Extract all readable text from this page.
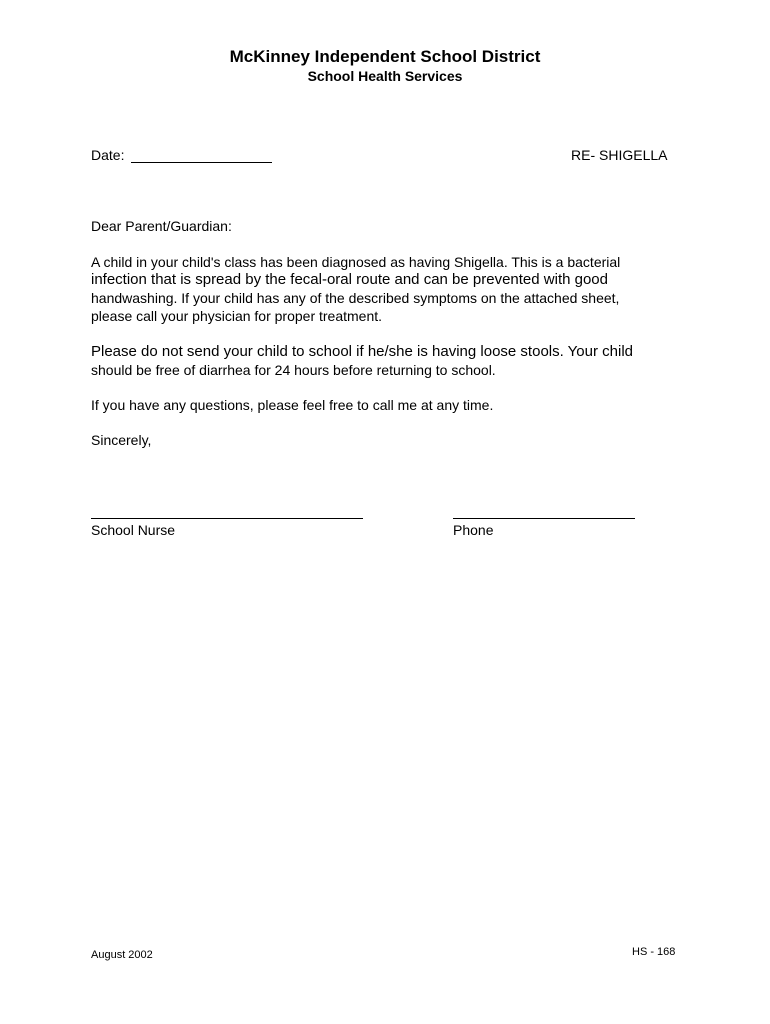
McKinney Independent School District
School Health Services
Date:	RE- SHIGELLA
Dear Parent/Guardian:
A child in your child's class has been diagnosed as having Shigella. This is a bacterial
infection that is spread by the fecal-oral route and can be prevented with good
handwashing. If your child has any of the described symptoms on the attached sheet,
please call your physician for proper treatment.
Please do not send your child to school if he/she is having loose stools. Your child
should be free of diarrhea for 24 hours before returning to school.
If you have any questions, please feel free to call me at any time.
Sincerely,
School Nurse	Phone
August 2002	HS - 168
